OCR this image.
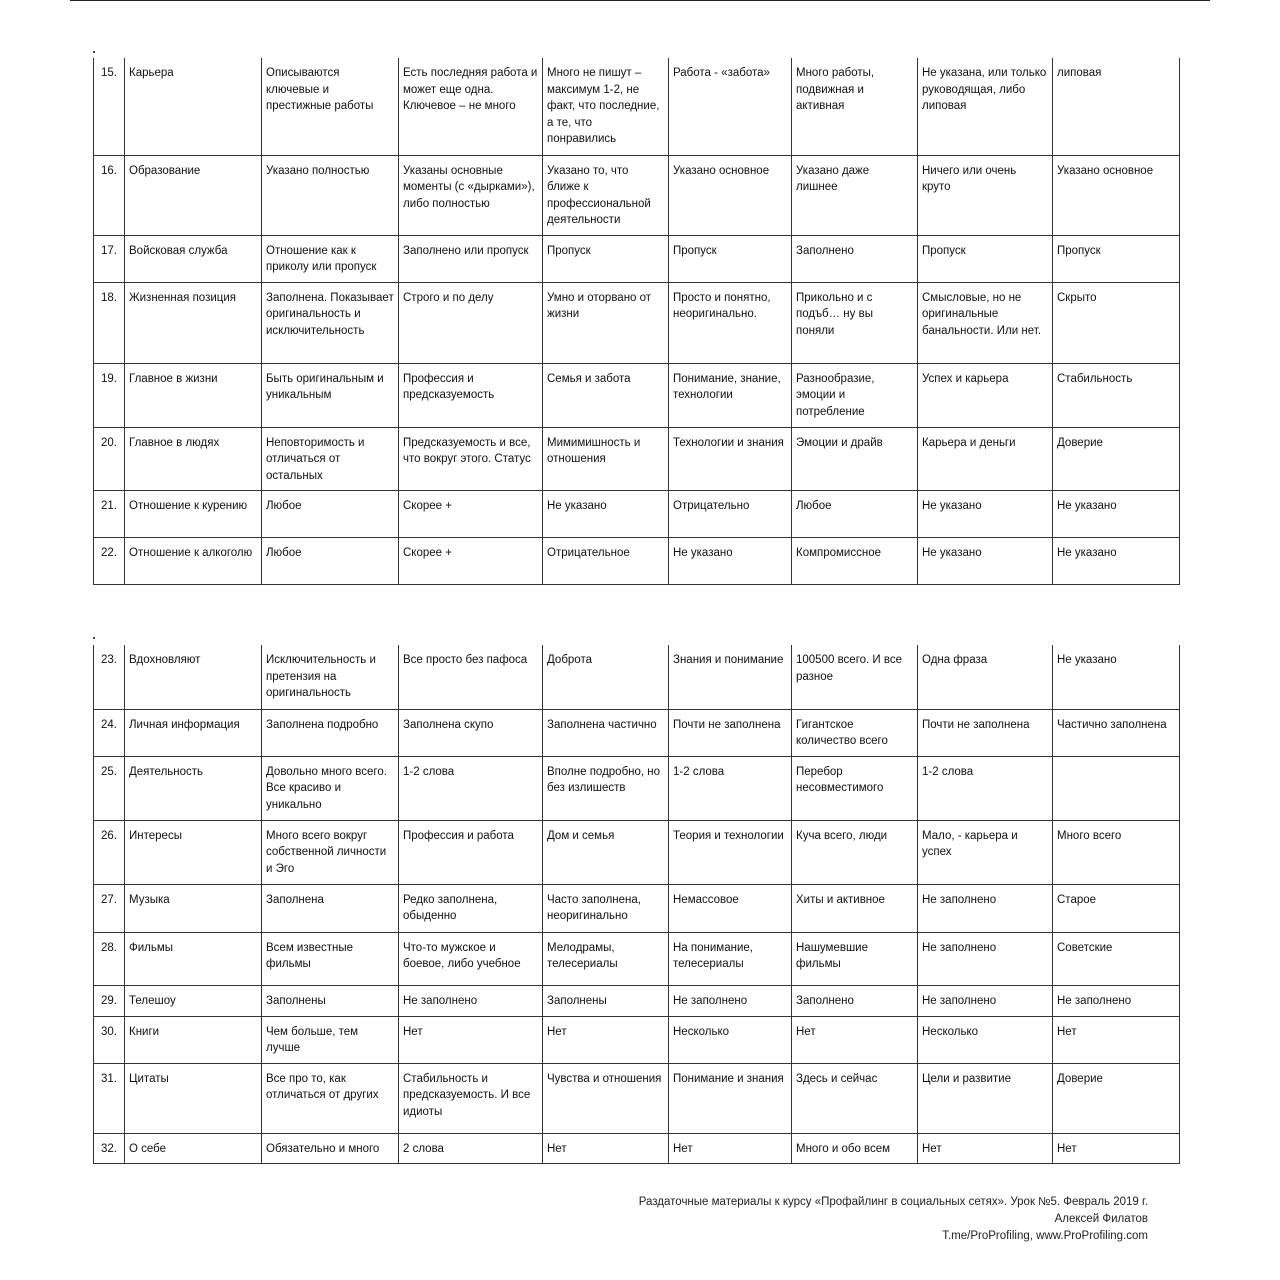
15.	Карьера	Описываются ключевые и престижные работы	Есть последняя работа и может еще одна. Ключевое – не много	Много не пишут – максимум 1-2, не факт, что последние, а те, что понравились	Работа - «забота»	Много работы, подвижная и активная	Не указана, или только руководящая, либо липовая	липовая
16.	Образование	Указано полностью	Указаны основные моменты (с «дырками»), либо полностью	Указано то, что ближе к профессиональной деятельности	Указано основное	Указано даже лишнее	Ничего или очень круто	Указано основное
17.	Войсковая служба	Отношение как к приколу или пропуск	Заполнено или пропуск	Пропуск	Пропуск	Заполнено	Пропуск	Пропуск
18.	Жизненная позиция	Заполнена. Показывает оригинальность и исключительность	Строго и по делу	Умно и оторвано от жизни	Просто и понятно, неоригинально.	Прикольно и с подъб… ну вы поняли	Смысловые, но не оригинальные банальности. Или нет.	Скрыто
19.	Главное в жизни	Быть оригинальным и уникальным	Профессия и предсказуемость	Семья и забота	Понимание, знание, технологии	Разнообразие, эмоции и потребление	Успех и карьера	Стабильность
20.	Главное в людях	Неповторимость и отличаться от остальных	Предсказуемость и все, что вокруг этого. Статус	Мимимишность и отношения	Технологии и знания	Эмоции и драйв	Карьера и деньги	Доверие
21.	Отношение к курению	Любое	Скорее +	Не указано	Отрицательно	Любое	Не указано	Не указано
22.	Отношение к алкоголю	Любое	Скорее +	Отрицательное	Не указано	Компромиссное	Не указано	Не указано
23.	Вдохновляют	Исключительность и претензия на оригинальность	Все просто без пафоса	Доброта	Знания и понимание	100500 всего. И все разное	Одна фраза	Не указано
24.	Личная информация	Заполнена подробно	Заполнена скупо	Заполнена частично	Почти не заполнена	Гигантское количество всего	Почти не заполнена	Частично заполнена
25.	Деятельность	Довольно много всего. Все красиво и уникально	1-2 слова	Вполне подробно, но без излишеств	1-2 слова	Перебор несовместимого	1-2 слова	
26.	Интересы	Много всего вокруг собственной личности и Эго	Профессия и работа	Дом и семья	Теория и технологии	Куча всего, люди	Мало, - карьера и успех	Много всего
27.	Музыка	Заполнена	Редко заполнена, обыденно	Часто заполнена, неоригинально	Немассовое	Хиты и активное	Не заполнено	Старое
28.	Фильмы	Всем известные фильмы	Что-то мужское и боевое, либо учебное	Мелодрамы, телесериалы	На понимание, телесериалы	Нашумевшие фильмы	Не заполнено	Советские
29.	Телешоу	Заполнены	Не заполнено	Заполнены	Не заполнено	Заполнено	Не заполнено	Не заполнено
30.	Книги	Чем больше, тем лучше	Нет	Нет	Несколько	Нет	Несколько	Нет
31.	Цитаты	Все про то, как отличаться от других	Стабильность и предсказуемость. И все идиоты	Чувства и отношения	Понимание и знания	Здесь и сейчас	Цели и развитие	Доверие
32.	О себе	Обязательно и много	2 слова	Нет	Нет	Много и обо всем	Нет	Нет
Раздаточные материалы к курсу «Профайлинг в социальных сетях». Урок №5. Февраль 2019 г.
Алексей Филатов
T.me/ProProfiling, www.ProProfiling.com
